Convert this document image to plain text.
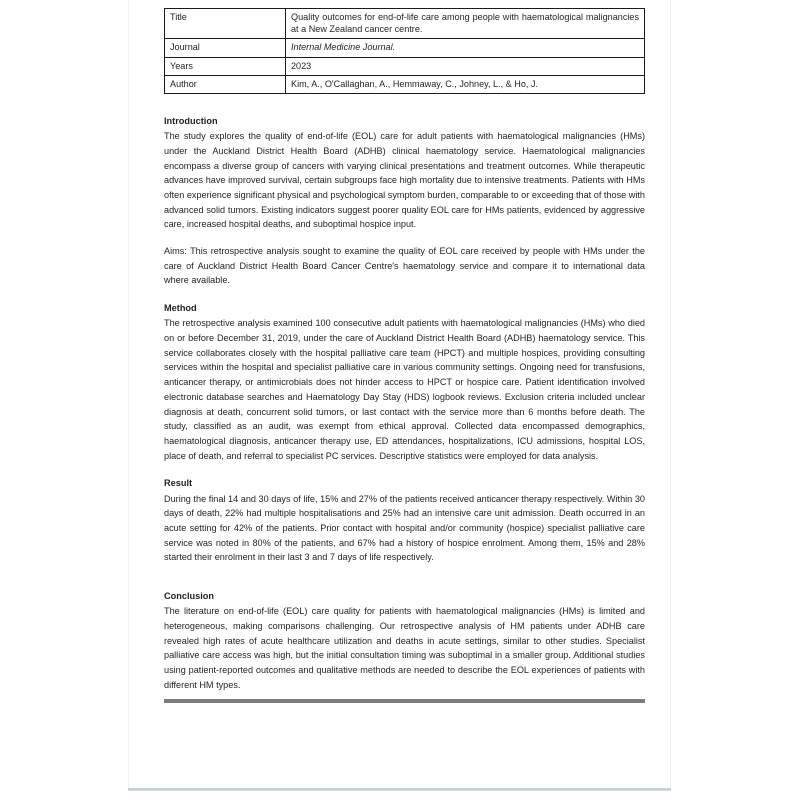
Title	Quality outcomes for end-of-life care among people with haematological malignancies at a New Zealand cancer centre.
Journal	Internal Medicine Journal.
Years	2023
Author	Kim, A., O'Callaghan, A., Hemmaway, C., Johney, L., & Ho, J.
Introduction

The study explores the quality of end-of-life (EOL) care for adult patients with haematological malignancies (HMs) under the Auckland District Health Board (ADHB) clinical haematology service. Haematological malignancies encompass a diverse group of cancers with varying clinical presentations and treatment outcomes. While therapeutic advances have improved survival, certain subgroups face high mortality due to intensive treatments. Patients with HMs often experience significant physical and psychological symptom burden, comparable to or exceeding that of those with advanced solid tumors. Existing indicators suggest poorer quality EOL care for HMs patients, evidenced by aggressive care, increased hospital deaths, and suboptimal hospice input.

Aims: This retrospective analysis sought to examine the quality of EOL care received by people with HMs under the care of Auckland District Health Board Cancer Centre's haematology service and compare it to international data where available.

Method

The retrospective analysis examined 100 consecutive adult patients with haematological malignancies (HMs) who died on or before December 31, 2019, under the care of Auckland District Health Board (ADHB) haematology service. This service collaborates closely with the hospital palliative care team (HPCT) and multiple hospices, providing consulting services within the hospital and specialist palliative care in various community settings. Ongoing need for transfusions, anticancer therapy, or antimicrobials does not hinder access to HPCT or hospice care. Patient identification involved electronic database searches and Haematology Day Stay (HDS) logbook reviews. Exclusion criteria included unclear diagnosis at death, concurrent solid tumors, or last contact with the service more than 6 months before death. The study, classified as an audit, was exempt from ethical approval. Collected data encompassed demographics, haematological diagnosis, anticancer therapy use, ED attendances, hospitalizations, ICU admissions, hospital LOS, place of death, and referral to specialist PC services. Descriptive statistics were employed for data analysis.

Result

During the final 14 and 30 days of life, 15% and 27% of the patients received anticancer therapy respectively. Within 30 days of death, 22% had multiple hospitalisations and 25% had an intensive care unit admission. Death occurred in an acute setting for 42% of the patients. Prior contact with hospital and/or community (hospice) specialist palliative care service was noted in 80% of the patients, and 67% had a history of hospice enrolment. Among them, 15% and 28% started their enrolment in their last 3 and 7 days of life respectively.

Conclusion

The literature on end-of-life (EOL) care quality for patients with haematological malignancies (HMs) is limited and heterogeneous, making comparisons challenging. Our retrospective analysis of HM patients under ADHB care revealed high rates of acute healthcare utilization and deaths in acute settings, similar to other studies. Specialist palliative care access was high, but the initial consultation timing was suboptimal in a smaller group. Additional studies using patient-reported outcomes and qualitative methods are needed to describe the EOL experiences of patients with different HM types.
